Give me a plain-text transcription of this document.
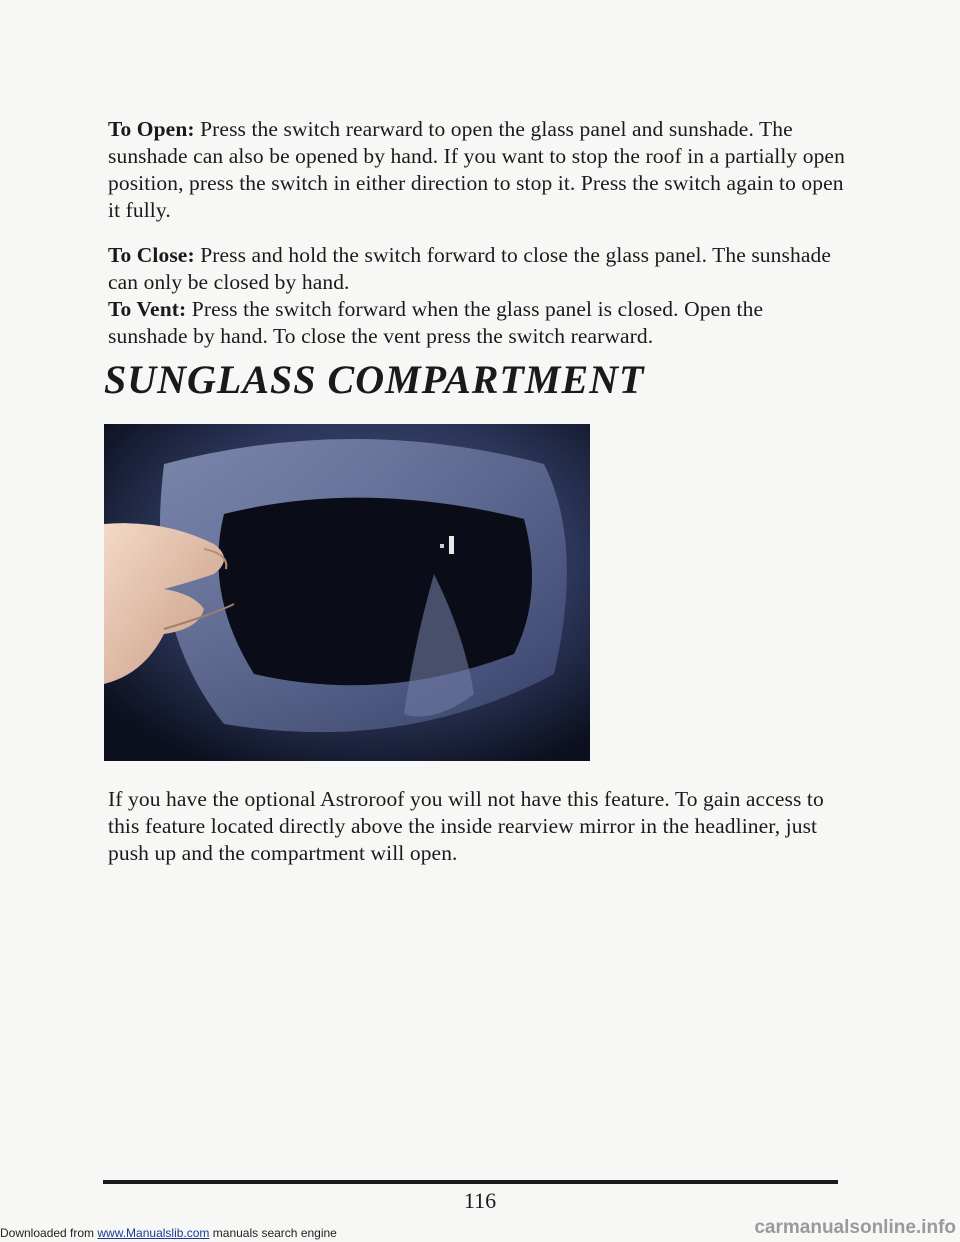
To Open: Press the switch rearward to open the glass panel and sunshade. The sunshade can also be opened by hand. If you want to stop the roof in a partially open position, press the switch in either direction to stop it. Press the switch again to open it fully.

To Close: Press and hold the switch forward to close the glass panel. The sunshade can only be closed by hand.

To Vent: Press the switch forward when the glass panel is closed. Open the sunshade by hand. To close the vent press the switch rearward.

SUNGLASS COMPARTMENT

If you have the optional Astroroof you will not have this feature. To gain access to this feature located directly above the inside rearview mirror in the headliner, just push up and the compartment will open.

116
Downloaded from www.Manualslib.com manuals search engine	carmanualsonline.info
